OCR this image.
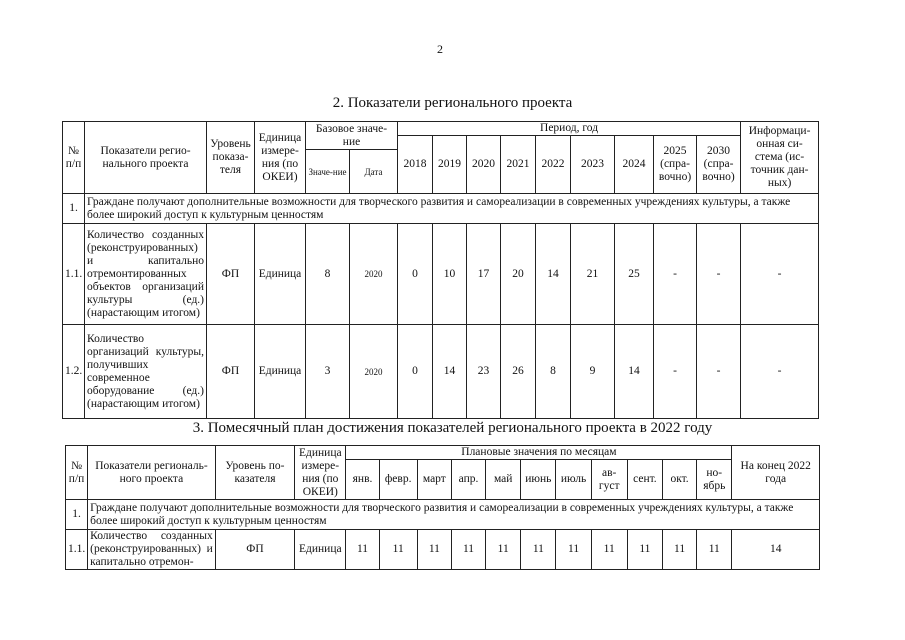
2
2. Показатели регионального проекта
№ п/п	Показатели регио-нального проекта	Уровень показа-теля	Единица измере-ния (по ОКЕИ)	Базовое значе-ние		Период, год									Информаци-онная си-стема (ис-точник дан-ных)
						2018	2019	2020	2021	2022	2023	2024	2025 (спра-вочно)	2030 (спра-вочно)	
				Значе-ние	Дата										
1.	Граждане получают дополнительные возможности для творческого развития и самореализации в современных учреждениях культуры, а также более широкий доступ к культурным ценностям														
1.1.	Количество созданных (реконструированных) и капитально отремонтированных объектов организаций культуры (ед.) (нарастающим итогом)	ФП	Единица	8	2020	0	10	17	20	14	21	25	-	-	-
1.2.	Количество организаций культуры, получивших современное оборудование (ед.) (нарастающим итогом)	ФП	Единица	3	2020	0	14	23	26	8	9	14	-	-	-
3. Помесячный план достижения показателей регионального проекта в 2022 году
№ п/п	Показатели региональ-ного проекта	Уровень по-казателя	Единица измере-ния (по ОКЕИ)	Плановые значения по месяцам											На конец 2022 года
				янв.	февр.	март	апр.	май	июнь	июль	ав-густ	сент.	окт.	но-ябрь	
1.	Граждане получают дополнительные возможности для творческого развития и самореализации в современных учреждениях культуры, а также более широкий доступ к культурным ценностям														
1.1.	Количество созданных (реконструированных) и капитально отремон-	ФП	Единица	11	11	11	11	11	11	11	11	11	11	11	14
